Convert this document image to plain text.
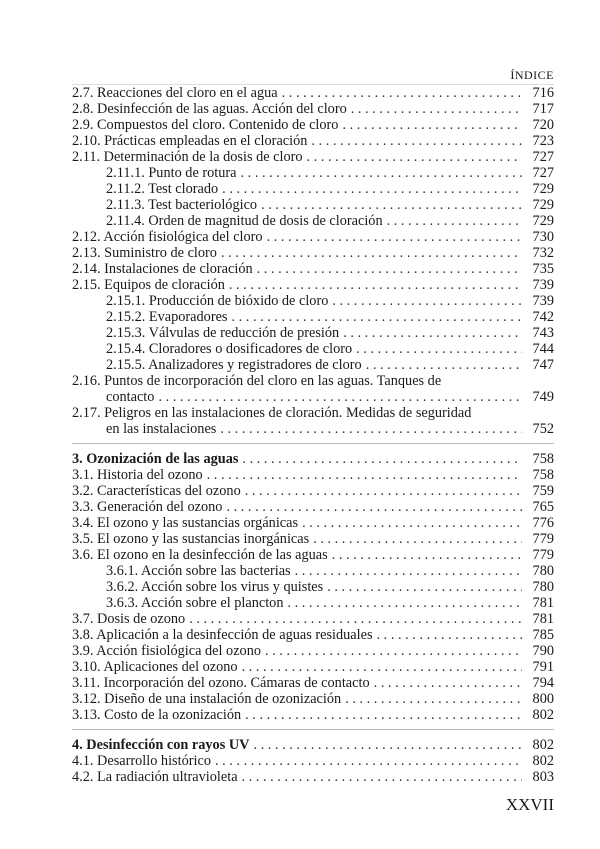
ÍNDICE
2.7. Reacciones del cloro en el agua . . .	716
2.8. Desinfección de las aguas. Acción del cloro . . .	717
2.9. Compuestos del cloro. Contenido de cloro . . .	720
2.10. Prácticas empleadas en el cloración . . .	723
2.11. Determinación de la dosis de cloro . . .	727
2.11.1. Punto de rotura . . .	727
2.11.2. Test clorado . . .	729
2.11.3. Test bacteriológico . . .	729
2.11.4. Orden de magnitud de dosis de cloración . . .	729
2.12. Acción fisiológica del cloro . . .	730
2.13. Suministro de cloro . . .	732
2.14. Instalaciones de cloración . . .	735
2.15. Equipos de cloración . . .	739
2.15.1. Producción de bióxido de cloro . . .	739
2.15.2. Evaporadores . . .	742
2.15.3. Válvulas de reducción de presión . . .	743
2.15.4. Cloradores o dosificadores de cloro . . .	744
2.15.5. Analizadores y registradores de cloro . . .	747
2.16. Puntos de incorporación del cloro en las aguas. Tanques de
contacto . . .	749
2.17. Peligros en las instalaciones de cloración. Medidas de seguridad
en las instalaciones . . .	752
3. Ozonización de las aguas . . .	758
3.1. Historia del ozono . . .	758
3.2. Características del ozono . . .	759
3.3. Generación del ozono . . .	765
3.4. El ozono y las sustancias orgánicas . . .	776
3.5. El ozono y las sustancias inorgánicas . . .	779
3.6. El ozono en la desinfección de las aguas . . .	779
3.6.1. Acción sobre las bacterias . . .	780
3.6.2. Acción sobre los virus y quistes . . .	780
3.6.3. Acción sobre el plancton . . .	781
3.7. Dosis de ozono . . .	781
3.8. Aplicación a la desinfección de aguas residuales . . .	785
3.9. Acción fisiológica del ozono . . .	790
3.10. Aplicaciones del ozono . . .	791
3.11. Incorporación del ozono. Cámaras de contacto . . .	794
3.12. Diseño de una instalación de ozonización . . .	800
3.13. Costo de la ozonización . . .	802
4. Desinfección con rayos UV . . .	802
4.1. Desarrollo histórico . . .	802
4.2. La radiación ultravioleta . . .	803
XXVII
